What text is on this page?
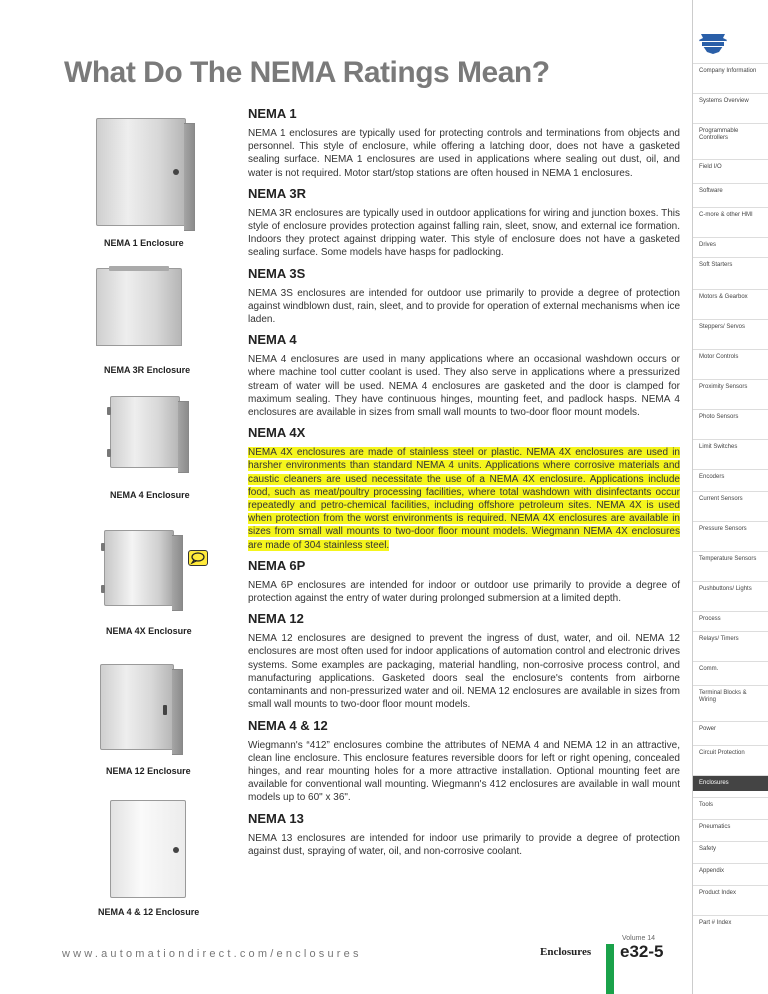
What Do The NEMA Ratings Mean?
NEMA 1

NEMA 1 enclosures are typically used for protecting controls and terminations from objects and personnel. This style of enclosure, while offering a latching door, does not have a gasketed sealing surface. NEMA 1 enclosures are used in applications where sealing out dust, oil, and water is not required. Motor start/stop stations are often housed in NEMA 1 enclosures.

NEMA 3R

NEMA 3R enclosures are typically used in outdoor applications for wiring and junction boxes. This style of enclosure provides protection against falling rain, sleet, snow, and external ice formation. Indoors they protect against dripping water. This style of enclosure does not have a gasketed sealing surface. Some models have hasps for padlocking.

NEMA 3S

NEMA 3S enclosures are intended for outdoor use primarily to provide a degree of protection against windblown dust, rain, sleet, and to provide for operation of external mechanisms when ice laden.

NEMA 4

NEMA 4 enclosures are used in many applications where an occasional washdown occurs or where machine tool cutter coolant is used. They also serve in applications where a pressurized stream of water will be used. NEMA 4 enclosures are gasketed and the door is clamped for maximum sealing. They have continuous hinges, mounting feet, and padlock hasps. NEMA 4 enclosures are available in sizes from small wall mounts to two-door floor mount models.

NEMA 4X

NEMA 4X enclosures are made of stainless steel or plastic. NEMA 4X enclosures are used in harsher environments than standard NEMA 4 units. Applications where corrosive materials and caustic cleaners are used necessitate the use of a NEMA 4X enclosure. Applications include food, such as meat/poultry processing facilities, where total washdown with disinfectants occur repeatedly and petro-chemical facilities, including offshore petroleum sites. NEMA 4X is used when protection from the worst environments is required. NEMA 4X enclosures are available in sizes from small wall mounts to two-door floor mount models. Wiegmann NEMA 4X enclosures are made of 304 stainless steel.

NEMA 6P

NEMA 6P enclosures are intended for indoor or outdoor use primarily to provide a degree of protection against the entry of water during prolonged submersion at a limited depth.

NEMA 12

NEMA 12 enclosures are designed to prevent the ingress of dust, water, and oil. NEMA 12 enclosures are most often used for indoor applications of automation control and electronic drives systems. Some examples are packaging, material handling, non-corrosive process control, and manufacturing applications. Gasketed doors seal the enclosure's contents from airborne contaminants and non-pressurized water and oil. NEMA 12 enclosures are available in sizes from small wall mounts to two-door floor mount models.

NEMA 4 & 12

Wiegmann's “412” enclosures combine the attributes of NEMA 4 and NEMA 12 in an attractive, clean line enclosure. This enclosure features reversible doors for left or right opening, concealed hinges, and rear mounting holes for a more attractive installation. Optional mounting feet are available for conventional wall mounting. Wiegmann's 412 enclosures are available in wall mount models up to 60" x 36".

NEMA 13

NEMA 13 enclosures are intended for indoor use primarily to provide a degree of protection against dust, spraying of water, oil, and non-corrosive coolant.

NEMA 1 Enclosure
NEMA 3R Enclosure
NEMA 4 Enclosure
NEMA 4X Enclosure
NEMA 12 Enclosure
NEMA 4 & 12 Enclosure
Company Information
Systems Overview
Programmable Controllers
Field I/O
Software
C-more & other HMI
Drives
Soft Starters
Motors & Gearbox
Steppers/ Servos
Motor Controls
Proximity Sensors
Photo Sensors
Limit Switches
Encoders
Current Sensors
Pressure Sensors
Temperature Sensors
Pushbuttons/ Lights
Process
Relays/ Timers
Comm.
Terminal Blocks & Wiring
Power
Circuit Protection
Enclosures
Tools
Pneumatics
Safety
Appendix
Product Index
Part # Index
www.automationdirect.com/enclosures	Enclosures
Volume 14
e32-5
